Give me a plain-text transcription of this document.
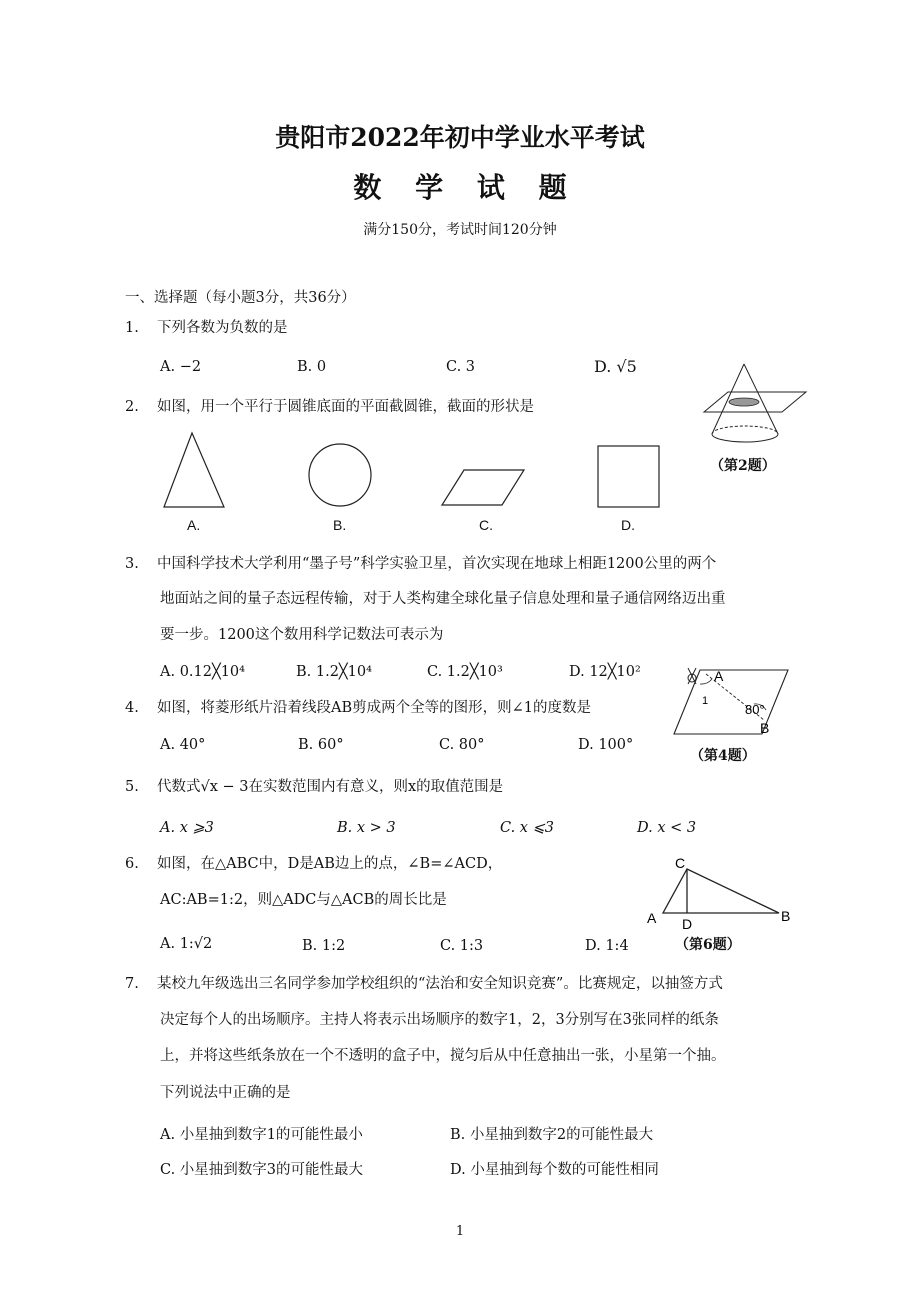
贵阳市2022年初中学业水平考试
数 学 试 题
满分150分，考试时间120分钟
一、选择题（每小题3分，共36分）
1. 下列各数为负数的是
A. −2	B. 0	C. 3	D. √5
2. 如图，用一个平行于圆锥底面的平面截圆锥，截面的形状是
（第2题）
A.	B.	C.	D.
3. 中国科学技术大学利用“墨子号”科学实验卫星，首次实现在地球上相距1200公里的两个
地面站之间的量子态远程传输，对于人类构建全球化量子信息处理和量子通信网络迈出重
要一步。1200这个数用科学记数法可表示为
A. 0.12╳10⁴	B. 1.2╳10⁴	C. 1.2╳10³	D. 12╳10²
4. 如图，将菱形纸片沿着线段AB剪成两个全等的图形，则∠1的度数是
A. 40°	B. 60°	C. 80°	D. 100°
A
1
80°
B
（第4题）
5. 代数式√x − 3在实数范围内有意义，则x的取值范围是
A. x ⩾3	B. x > 3	C. x ⩽3	D. x < 3
6. 如图，在△ABC中，D是AB边上的点，∠B=∠ACD，
AC:AB=1:2，则△ADC与△ACB的周长比是
A. 1:√2	B. 1:2	C. 1:3	D. 1:4
C
A D	B
（第6题）
7. 某校九年级选出三名同学参加学校组织的“法治和安全知识竞赛”。比赛规定，以抽签方式
决定每个人的出场顺序。主持人将表示出场顺序的数字1，2，3分别写在3张同样的纸条
上，并将这些纸条放在一个不透明的盒子中，搅匀后从中任意抽出一张，小星第一个抽。
下列说法中正确的是
A. 小星抽到数字1的可能性最小	B. 小星抽到数字2的可能性最大
C. 小星抽到数字3的可能性最大	D. 小星抽到每个数的可能性相同
1
